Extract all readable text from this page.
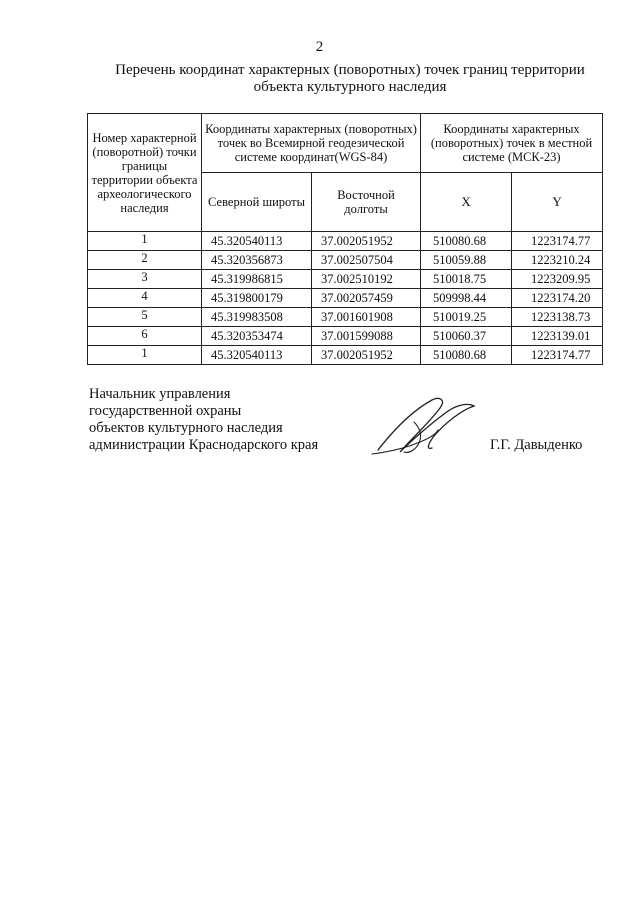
2
Перечень координат характерных (поворотных) точек границ территории
объекта культурного наследия
Номер характерной (поворотной) точки границы территории объекта археологического наследия	Координаты характерных (поворотных) точек во Всемирной геодезической системе координат(WGS-84)		Координаты характерных (поворотных) точек в местной системе (МСК-23)	
	Северной широты	Восточной долготы	X	Y
1	45.320540113	37.002051952	510080.68	1223174.77
2	45.320356873	37.002507504	510059.88	1223210.24
3	45.319986815	37.002510192	510018.75	1223209.95
4	45.319800179	37.002057459	509998.44	1223174.20
5	45.319983508	37.001601908	510019.25	1223138.73
6	45.320353474	37.001599088	510060.37	1223139.01
1	45.320540113	37.002051952	510080.68	1223174.77
Начальник управления
государственной охраны
объектов культурного наследия
администрации Краснодарского края	Г.Г. Давыденко
